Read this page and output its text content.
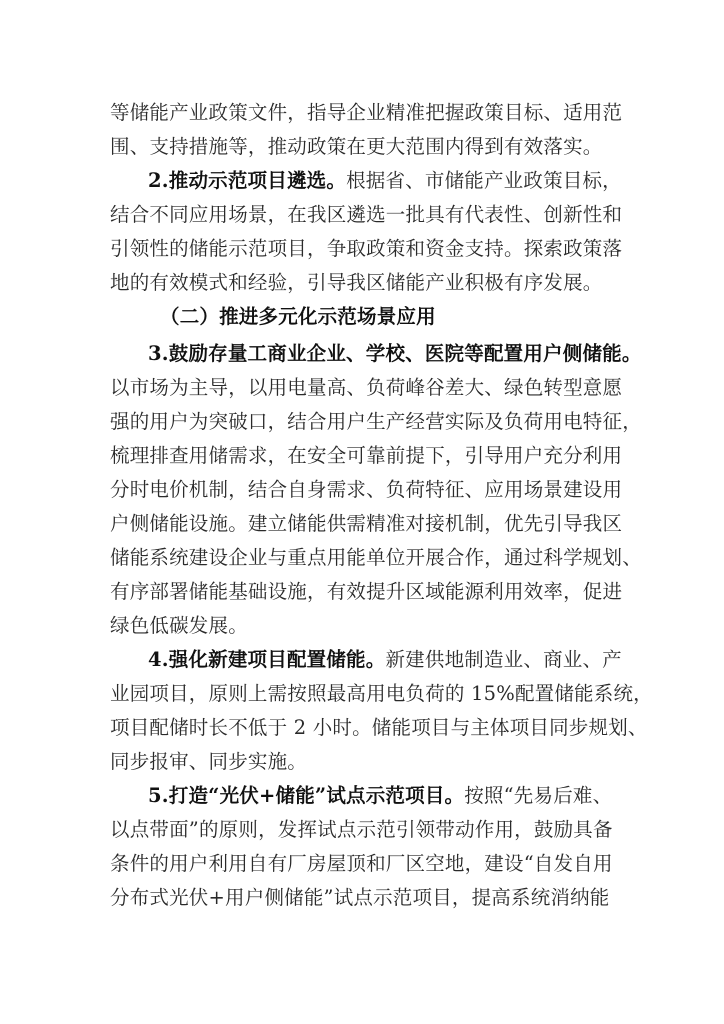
等储能产业政策文件，指导企业精准把握政策目标、适用范
围、支持措施等，推动政策在更大范围内得到有效落实。
2.推动示范项目遴选。根据省、市储能产业政策目标，
结合不同应用场景，在我区遴选一批具有代表性、创新性和
引领性的储能示范项目，争取政策和资金支持。探索政策落
地的有效模式和经验，引导我区储能产业积极有序发展。
（二）推进多元化示范场景应用
3.鼓励存量工商业企业、学校、医院等配置用户侧储能。
以市场为主导，以用电量高、负荷峰谷差大、绿色转型意愿
强的用户为突破口，结合用户生产经营实际及负荷用电特征，
梳理排查用储需求，在安全可靠前提下，引导用户充分利用
分时电价机制，结合自身需求、负荷特征、应用场景建设用
户侧储能设施。建立储能供需精准对接机制，优先引导我区
储能系统建设企业与重点用能单位开展合作，通过科学规划、
有序部署储能基础设施，有效提升区域能源利用效率，促进
绿色低碳发展。
4.强化新建项目配置储能。新建供地制造业、商业、产
业园项目，原则上需按照最高用电负荷的 15%配置储能系统，
项目配储时长不低于 2 小时。储能项目与主体项目同步规划、
同步报审、同步实施。
5.打造“光伏+储能”试点示范项目。按照“先易后难、
以点带面”的原则，发挥试点示范引领带动作用，鼓励具备
条件的用户利用自有厂房屋顶和厂区空地，建设“自发自用
分布式光伏+用户侧储能”试点示范项目，提高系统消纳能
